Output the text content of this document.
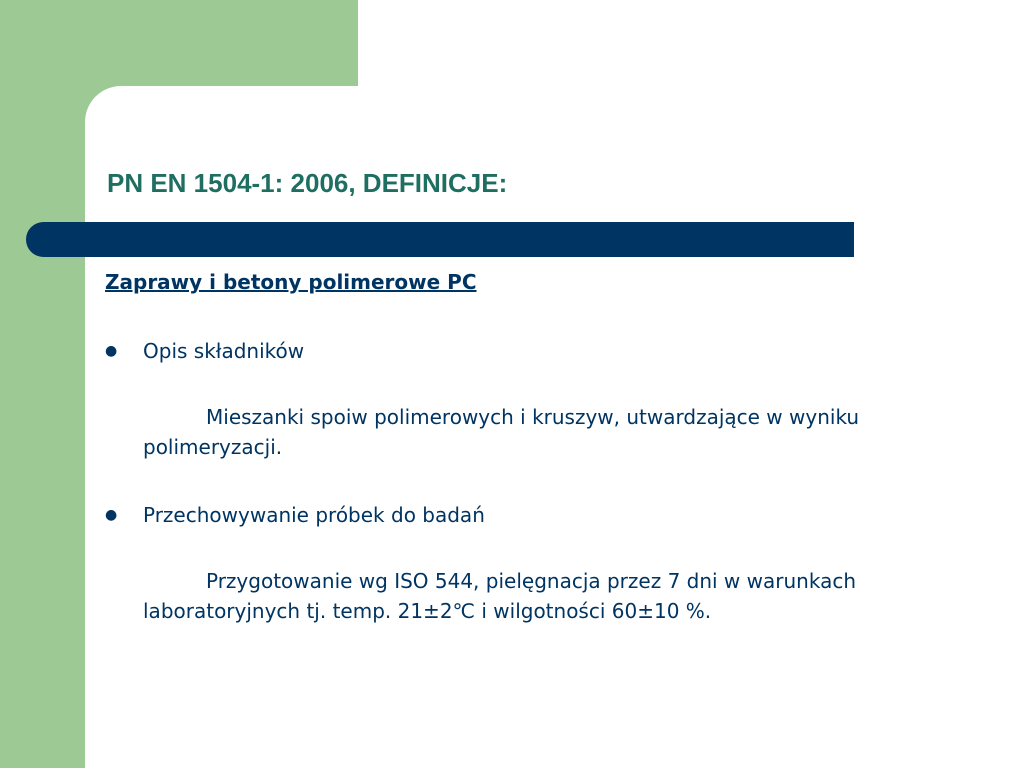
PN EN 1504-1: 2006, DEFINICJE:
Zaprawy i betony polimerowe PC

● Opis składników

Mieszanki spoiw polimerowych i kruszyw, utwardzające w wyniku polimeryzacji.

● Przechowywanie próbek do badań

Przygotowanie wg ISO 544, pielęgnacja przez 7 dni w warunkach laboratoryjnych tj. temp. 21±2℃ i wilgotności 60±10 %.
